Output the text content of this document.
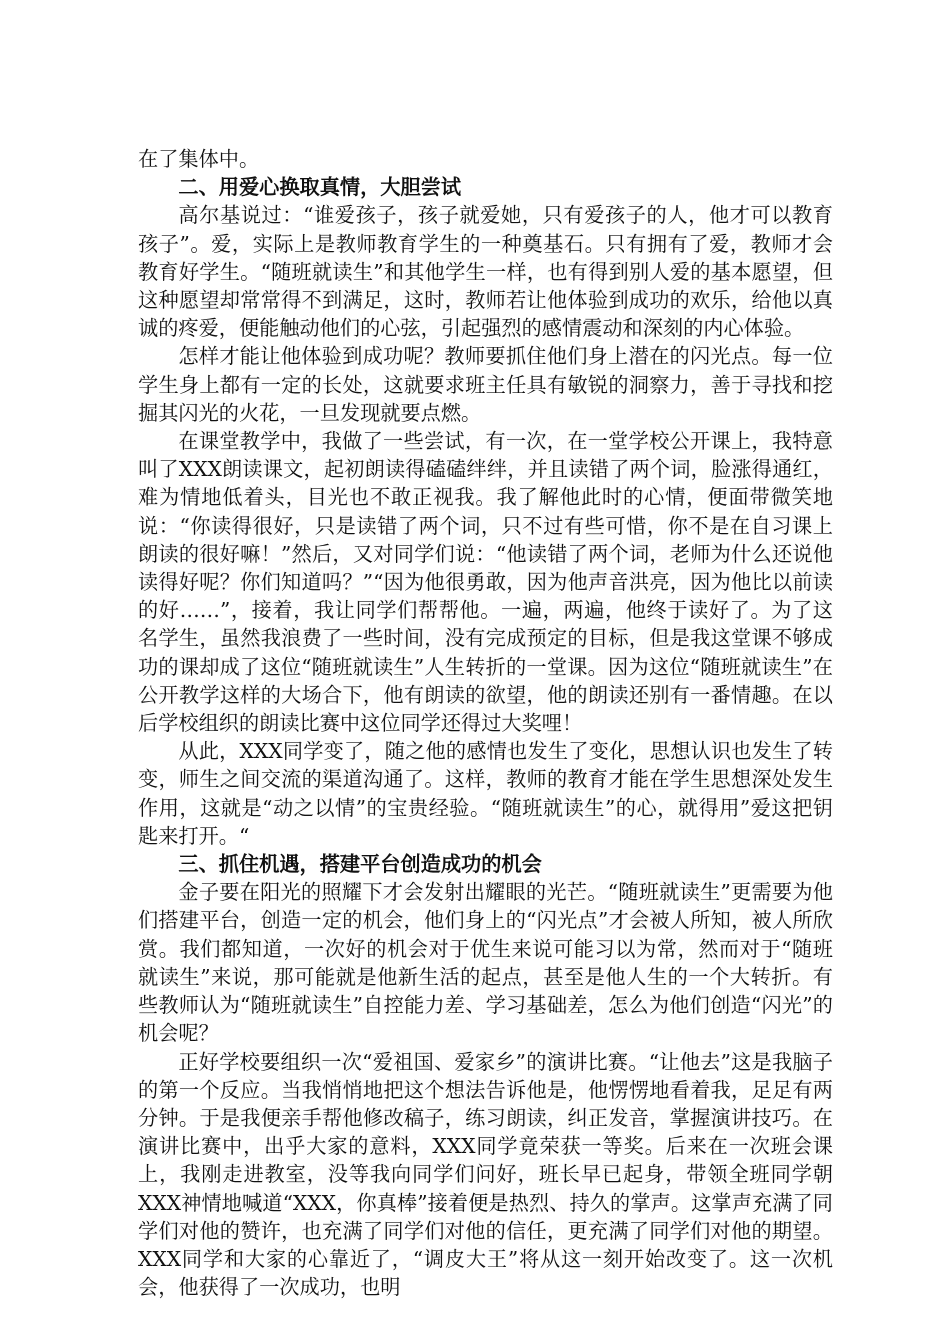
在了集体中。

二、用爱心换取真情，大胆尝试

高尔基说过：“谁爱孩子，孩子就爱她，只有爱孩子的人，他才可以教育孩子”。爱，实际上是教师教育学生的一种奠基石。只有拥有了爱，教师才会教育好学生。“随班就读生”和其他学生一样，也有得到别人爱的基本愿望，但这种愿望却常常得不到满足，这时，教师若让他体验到成功的欢乐，给他以真诚的疼爱，便能触动他们的心弦，引起强烈的感情震动和深刻的内心体验。

怎样才能让他体验到成功呢？教师要抓住他们身上潜在的闪光点。每一位学生身上都有一定的长处，这就要求班主任具有敏锐的洞察力，善于寻找和挖掘其闪光的火花，一旦发现就要点燃。

在课堂教学中，我做了一些尝试，有一次，在一堂学校公开课上，我特意叫了XXX朗读课文，起初朗读得磕磕绊绊，并且读错了两个词，脸涨得通红，难为情地低着头，目光也不敢正视我。我了解他此时的心情，便面带微笑地说：“你读得很好，只是读错了两个词，只不过有些可惜，你不是在自习课上朗读的很好嘛！”然后，又对同学们说：“他读错了两个词，老师为什么还说他读得好呢？你们知道吗？”“因为他很勇敢，因为他声音洪亮，因为他比以前读的好……”，接着，我让同学们帮帮他。一遍，两遍，他终于读好了。为了这名学生，虽然我浪费了一些时间，没有完成预定的目标，但是我这堂课不够成功的课却成了这位“随班就读生”人生转折的一堂课。因为这位“随班就读生”在公开教学这样的大场合下，他有朗读的欲望，他的朗读还别有一番情趣。在以后学校组织的朗读比赛中这位同学还得过大奖哩！

从此，XXX同学变了，随之他的感情也发生了变化，思想认识也发生了转变，师生之间交流的渠道沟通了。这样，教师的教育才能在学生思想深处发生作用，这就是“动之以情”的宝贵经验。“随班就读生”的心，就得用”爱这把钥匙来打开。“

三、抓住机遇，搭建平台创造成功的机会

金子要在阳光的照耀下才会发射出耀眼的光芒。“随班就读生”更需要为他们搭建平台，创造一定的机会，他们身上的“闪光点”才会被人所知，被人所欣赏。我们都知道，一次好的机会对于优生来说可能习以为常，然而对于“随班就读生”来说，那可能就是他新生活的起点，甚至是他人生的一个大转折。有些教师认为“随班就读生”自控能力差、学习基础差，怎么为他们创造“闪光”的机会呢？

正好学校要组织一次“爱祖国、爱家乡”的演讲比赛。“让他去”这是我脑子的第一个反应。当我悄悄地把这个想法告诉他是，他愣愣地看着我，足足有两分钟。于是我便亲手帮他修改稿子，练习朗读，纠正发音，掌握演讲技巧。在演讲比赛中，出乎大家的意料，XXX同学竟荣获一等奖。后来在一次班会课上，我刚走进教室，没等我向同学们问好，班长早已起身，带领全班同学朝XXX神情地喊道“XXX，你真棒”接着便是热烈、持久的掌声。这掌声充满了同学们对他的赞许，也充满了同学们对他的信任，更充满了同学们对他的期望。XXX同学和大家的心靠近了，“调皮大王”将从这一刻开始改变了。这一次机会，他获得了一次成功，也明
